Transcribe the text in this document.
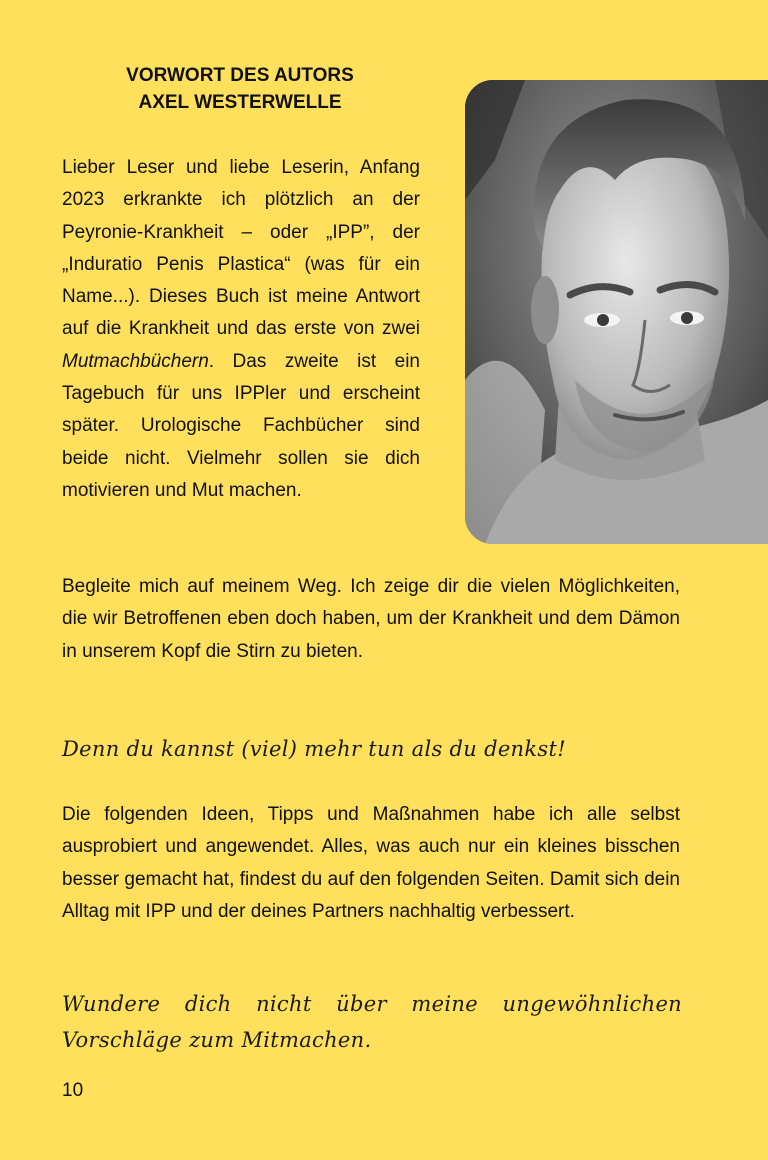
VORWORT DES AUTORS
AXEL WESTERWELLE
Lieber Leser und liebe Leserin, Anfang 2023 erkrankte ich plötzlich an der Peyronie-Krankheit – oder „IPP”, der „Induratio Penis Plastica“ (was für ein Name...). Dieses Buch ist meine Antwort auf die Krankheit und das erste von zwei Mutmachbüchern. Das zweite ist ein Tagebuch für uns IPPler und erscheint später. Urologische Fachbücher sind beide nicht. Vielmehr sollen sie dich motivieren und Mut machen.
Begleite mich auf meinem Weg. Ich zeige dir die vielen Möglichkeiten, die wir Betroffenen eben doch haben, um der Krankheit und dem Dämon in unserem Kopf die Stirn zu bieten.
Denn du kannst (viel) mehr tun als du denkst!
Die folgenden Ideen, Tipps und Maßnahmen habe ich alle selbst ausprobiert und angewendet. Alles, was auch nur ein kleines bisschen besser gemacht hat, findest du auf den folgenden Seiten. Damit sich dein Alltag mit IPP und der deines Partners nachhaltig verbessert.
Wundere dich nicht über meine ungewöhnlichen Vorschläge zum Mitmachen.
10
